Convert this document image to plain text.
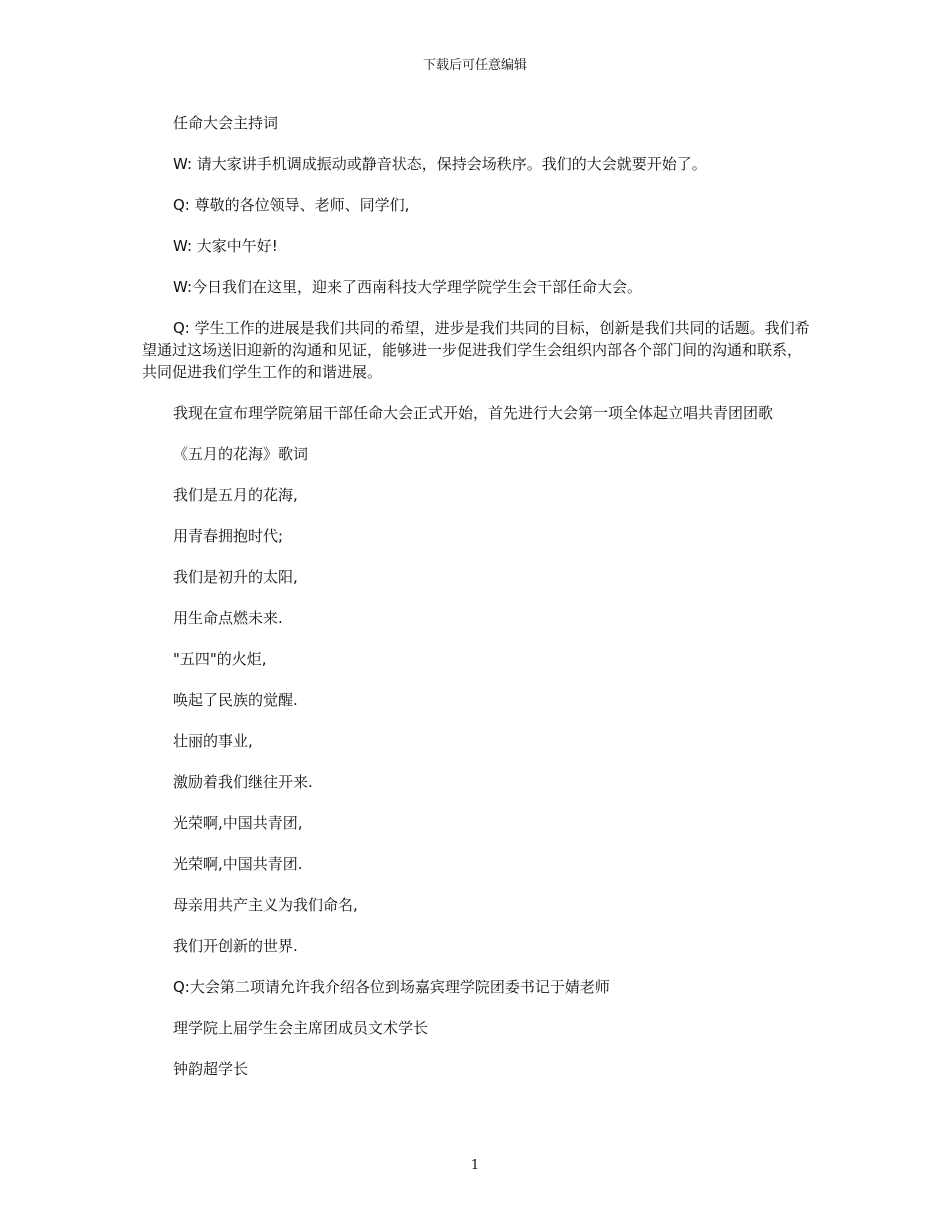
下载后可任意编辑

任命大会主持词

W: 请大家讲手机调成振动或静音状态，保持会场秩序。我们的大会就要开始了。

Q: 尊敬的各位领导、老师、同学们,

W: 大家中午好!

W:今日我们在这里，迎来了西南科技大学理学院学生会干部任命大会。

Q: 学生工作的进展是我们共同的希望，进步是我们共同的目标，创新是我们共同的话题。我们希望通过这场送旧迎新的沟通和见证，能够进一步促进我们学生会组织内部各个部门间的沟通和联系，共同促进我们学生工作的和谐进展。

我现在宣布理学院第届干部任命大会正式开始，首先进行大会第一项全体起立唱共青团团歌

《五月的花海》歌词

我们是五月的花海,

用青春拥抱时代;

我们是初升的太阳,

用生命点燃未来.

"五四"的火炬,

唤起了民族的觉醒.

壮丽的事业,

激励着我们继往开来.

光荣啊,中国共青团,

光荣啊,中国共青团.

母亲用共产主义为我们命名,

我们开创新的世界.

Q:大会第二项请允许我介绍各位到场嘉宾理学院团委书记于婧老师

理学院上届学生会主席团成员文术学长

钟韵超学长

1
